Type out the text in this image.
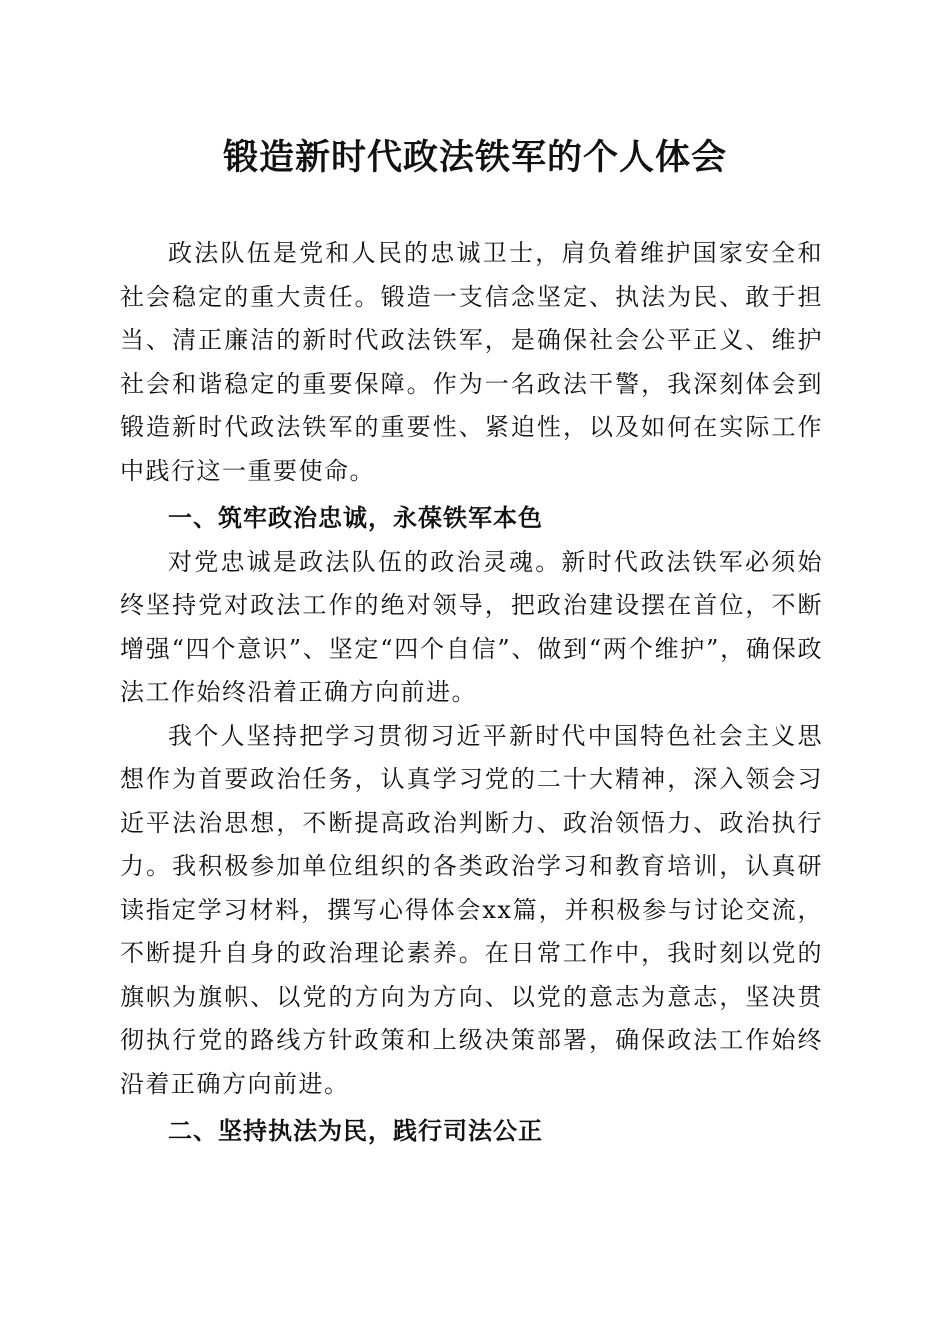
锻造新时代政法铁军的个人体会

政法队伍是党和人民的忠诚卫士，肩负着维护国家安全和社会稳定的重大责任。锻造一支信念坚定、执法为民、敢于担当、清正廉洁的新时代政法铁军，是确保社会公平正义、维护社会和谐稳定的重要保障。作为一名政法干警，我深刻体会到锻造新时代政法铁军的重要性、紧迫性，以及如何在实际工作中践行这一重要使命。

一、筑牢政治忠诚，永葆铁军本色

对党忠诚是政法队伍的政治灵魂。新时代政法铁军必须始终坚持党对政法工作的绝对领导，把政治建设摆在首位，不断增强“四个意识”、坚定“四个自信”、做到“两个维护”，确保政法工作始终沿着正确方向前进。

我个人坚持把学习贯彻习近平新时代中国特色社会主义思想作为首要政治任务，认真学习党的二十大精神，深入领会习近平法治思想，不断提高政治判断力、政治领悟力、政治执行力。我积极参加单位组织的各类政治学习和教育培训，认真研读指定学习材料，撰写心得体会xx篇，并积极参与讨论交流，不断提升自身的政治理论素养。在日常工作中，我时刻以党的旗帜为旗帜、以党的方向为方向、以党的意志为意志，坚决贯彻执行党的路线方针政策和上级决策部署，确保政法工作始终沿着正确方向前进。

二、坚持执法为民，践行司法公正
